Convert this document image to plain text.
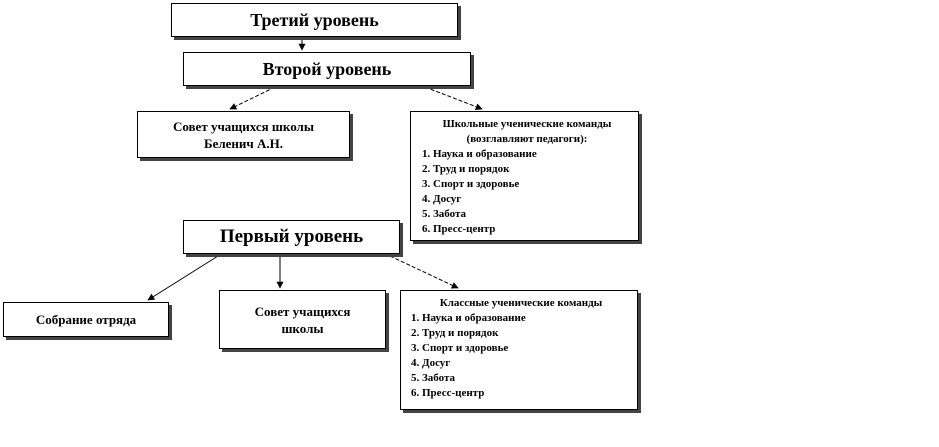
Третий уровень
Второй уровень
Совет учащихся школы
Беленич А.Н.
Школьные ученические команды
(возглавляют педагоги):
1. Наука и образование
2. Труд и порядок
3. Спорт и здоровье
4. Досуг
5. Забота
6. Пресс-центр
Первый уровень
Собрание отряда
Совет учащихся
школы
Классные ученические команды
1. Наука и образование
2. Труд и порядок
3. Спорт и здоровье
4. Досуг
5. Забота
6. Пресс-центр
